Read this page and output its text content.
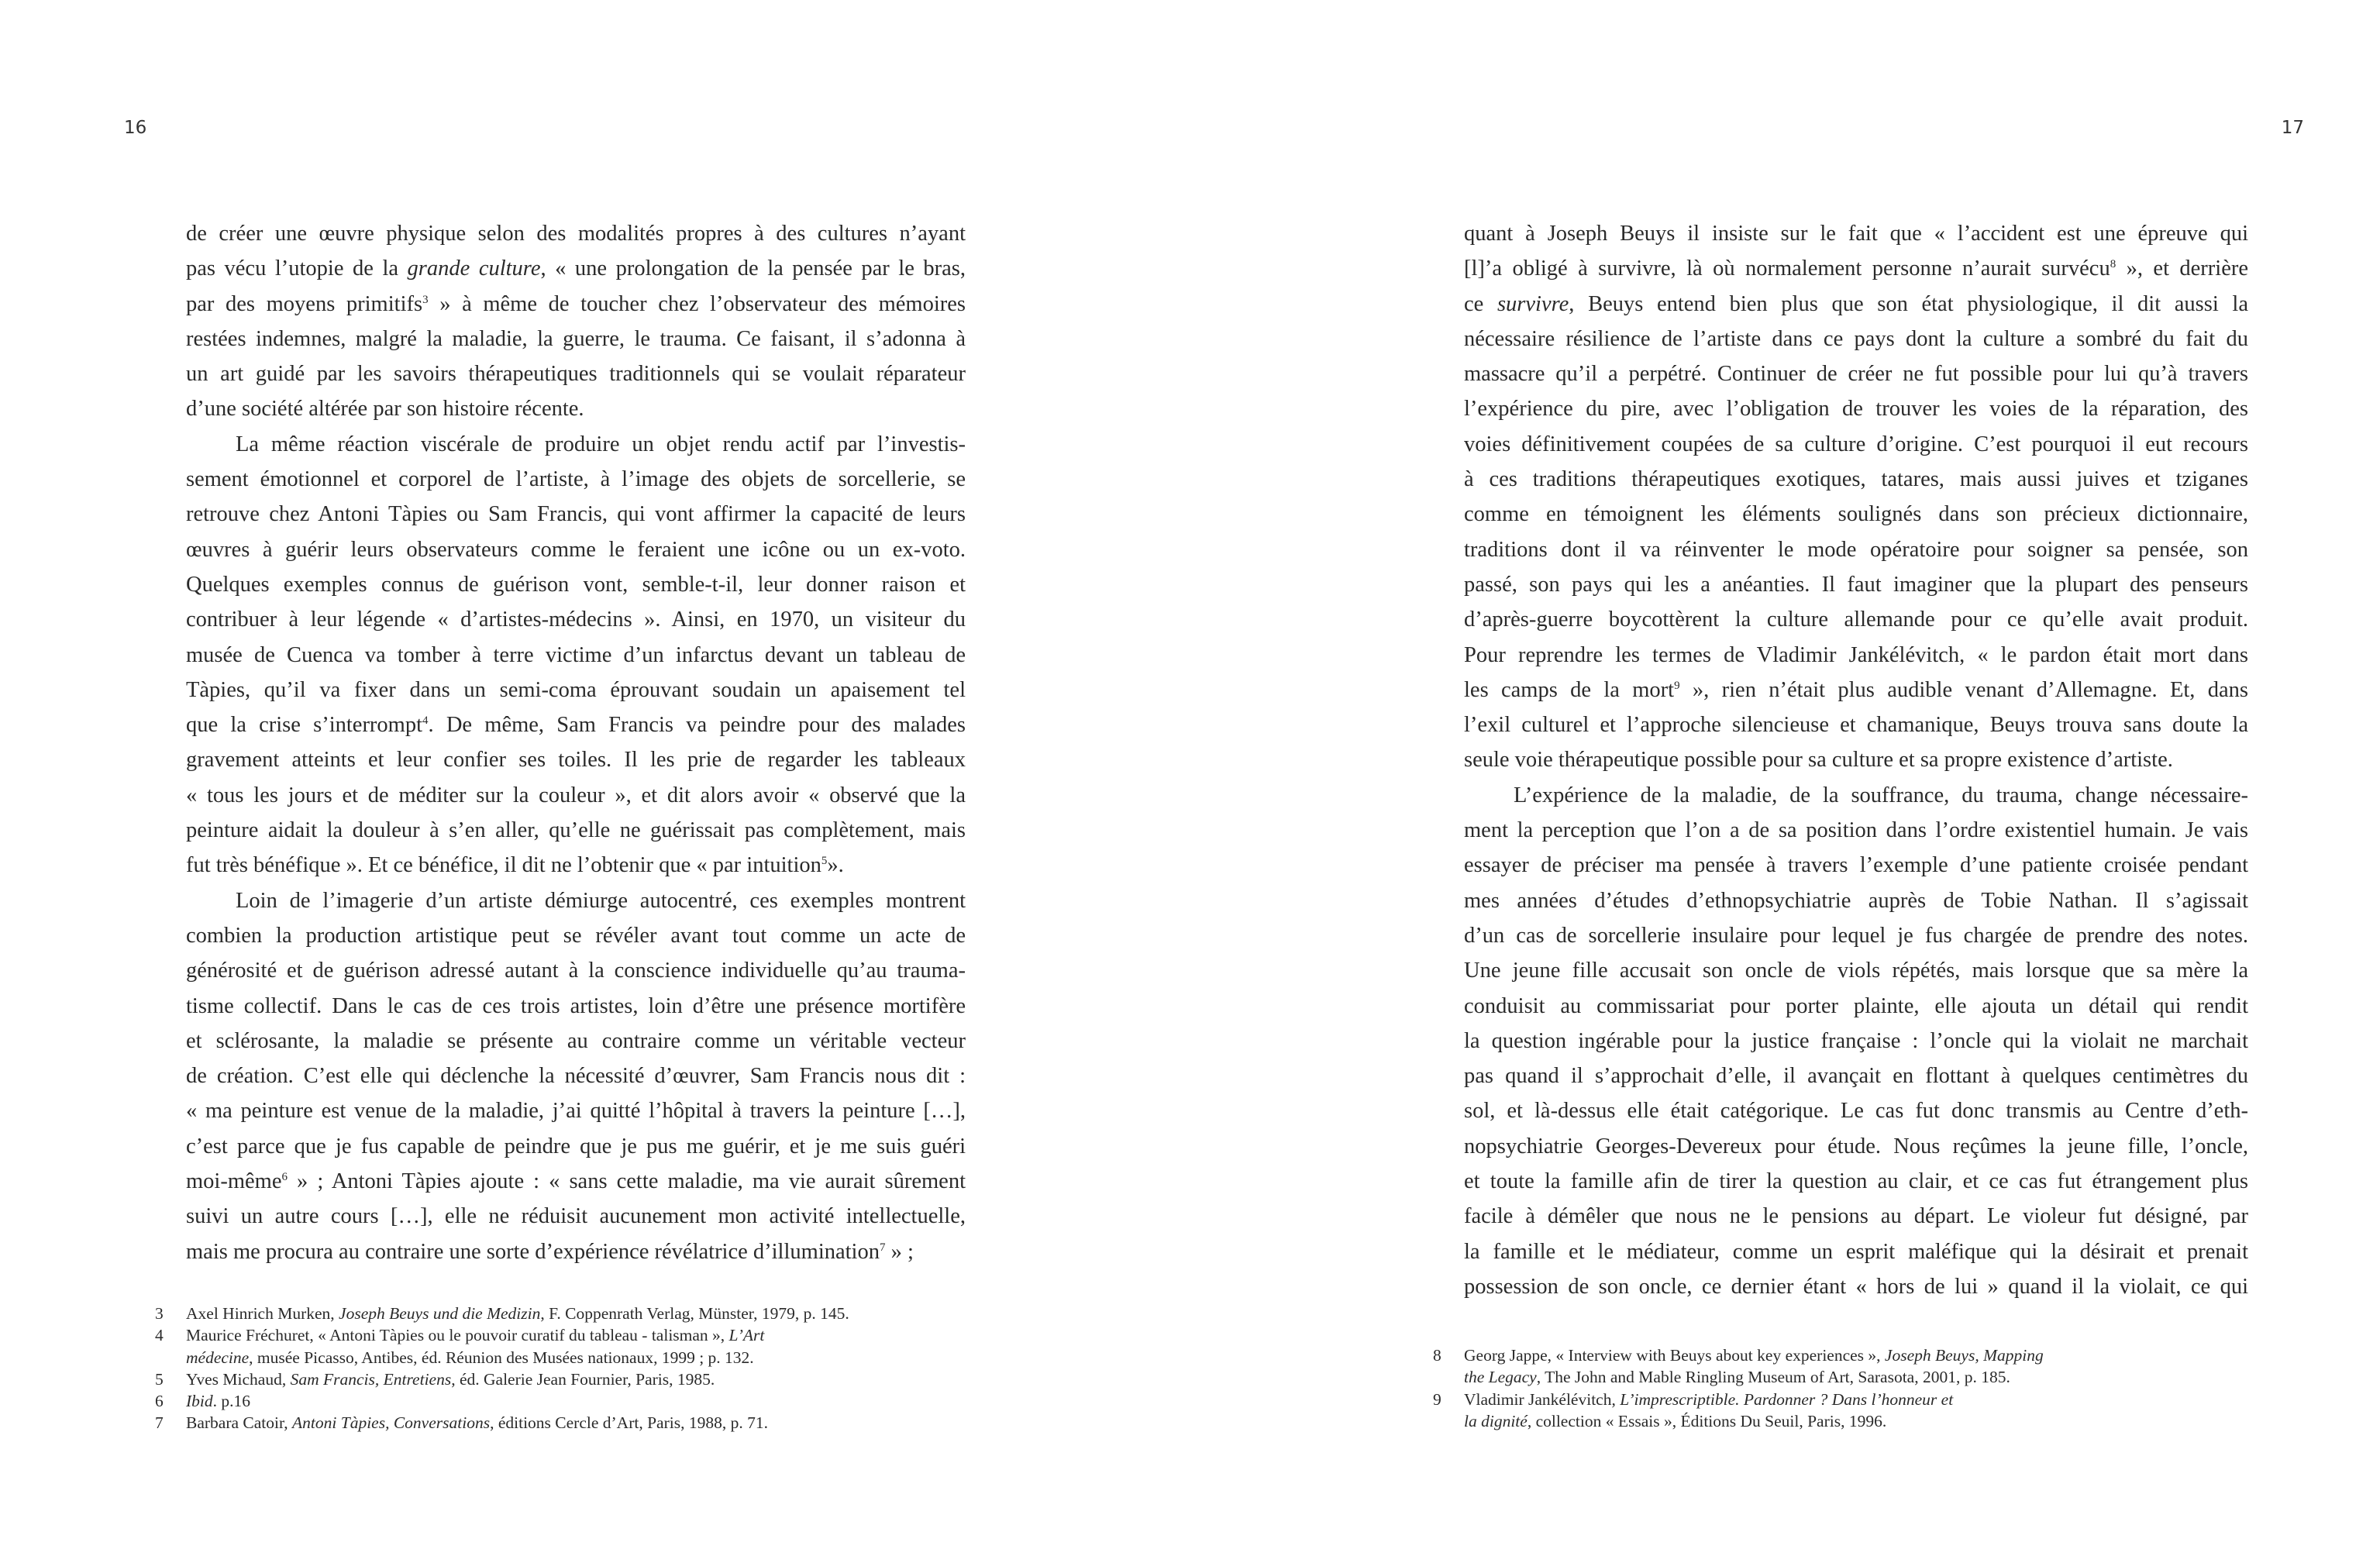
16
de créer une œuvre physique selon des modalités propres à des cultures n’ayant
pas vécu l’utopie de la grande culture, « une prolongation de la pensée par le bras,
par des moyens primitifs$^3$ » à même de toucher chez l’observateur des mémoires
restées indemnes, malgré la maladie, la guerre, le trauma. Ce faisant, il s’adonna à
un art guidé par les savoirs thérapeutiques traditionnels qui se voulait réparateur
d’une société altérée par son histoire récente.
La même réaction viscérale de produire un objet rendu actif par l’investis-
sement émotionnel et corporel de l’artiste, à l’image des objets de sorcellerie, se
retrouve chez Antoni Tàpies ou Sam Francis, qui vont affirmer la capacité de leurs
œuvres à guérir leurs observateurs comme le feraient une icône ou un ex-voto.
Quelques exemples connus de guérison vont, semble-t-il, leur donner raison et
contribuer à leur légende « d’artistes-médecins ». Ainsi, en 1970, un visiteur du
musée de Cuenca va tomber à terre victime d’un infarctus devant un tableau de
Tàpies, qu’il va fixer dans un semi-coma éprouvant soudain un apaisement tel
que la crise s’interrompt$^4$. De même, Sam Francis va peindre pour des malades
gravement atteints et leur confier ses toiles. Il les prie de regarder les tableaux
« tous les jours et de méditer sur la couleur », et dit alors avoir « observé que la
peinture aidait la douleur à s’en aller, qu’elle ne guérissait pas complètement, mais
fut très bénéfique ». Et ce bénéfice, il dit ne l’obtenir que « par intuition$^5$».
Loin de l’imagerie d’un artiste démiurge autocentré, ces exemples montrent
combien la production artistique peut se révéler avant tout comme un acte de
générosité et de guérison adressé autant à la conscience individuelle qu’au trauma-
tisme collectif. Dans le cas de ces trois artistes, loin d’être une présence mortifère
et sclérosante, la maladie se présente au contraire comme un véritable vecteur
de création. C’est elle qui déclenche la nécessité d’œuvrer, Sam Francis nous dit :
« ma peinture est venue de la maladie, j’ai quitté l’hôpital à travers la peinture […],
c’est parce que je fus capable de peindre que je pus me guérir, et je me suis guéri
moi-même$^6$ » ; Antoni Tàpies ajoute : « sans cette maladie, ma vie aurait sûrement
suivi un autre cours […], elle ne réduisit aucunement mon activité intellectuelle,
mais me procura au contraire une sorte d’expérience révélatrice d’illumination$^7$ » ;
3	Axel Hinrich Murken, Joseph Beuys und die Medizin, F. Coppenrath Verlag, Münster, 1979, p. 145.
4	Maurice Fréchuret, « Antoni Tàpies ou le pouvoir curatif du tableau - talisman », L’Art
médecine, musée Picasso, Antibes, éd. Réunion des Musées nationaux, 1999 ; p. 132.
5	Yves Michaud, Sam Francis, Entretiens, éd. Galerie Jean Fournier, Paris, 1985.
6	Ibid. p.16
7	Barbara Catoir, Antoni Tàpies, Conversations, éditions Cercle d’Art, Paris, 1988, p. 71.
17
quant à Joseph Beuys il insiste sur le fait que « l’accident est une épreuve qui
[l]’a obligé à survivre, là où normalement personne n’aurait survécu$^8$ », et derrière
ce survivre, Beuys entend bien plus que son état physiologique, il dit aussi la
nécessaire résilience de l’artiste dans ce pays dont la culture a sombré du fait du
massacre qu’il a perpétré. Continuer de créer ne fut possible pour lui qu’à travers
l’expérience du pire, avec l’obligation de trouver les voies de la réparation, des
voies définitivement coupées de sa culture d’origine. C’est pourquoi il eut recours
à ces traditions thérapeutiques exotiques, tatares, mais aussi juives et tziganes
comme en témoignent les éléments soulignés dans son précieux dictionnaire,
traditions dont il va réinventer le mode opératoire pour soigner sa pensée, son
passé, son pays qui les a anéanties. Il faut imaginer que la plupart des penseurs
d’après-guerre boycottèrent la culture allemande pour ce qu’elle avait produit.
Pour reprendre les termes de Vladimir Jankélévitch, « le pardon était mort dans
les camps de la mort$^9$ », rien n’était plus audible venant d’Allemagne. Et, dans
l’exil culturel et l’approche silencieuse et chamanique, Beuys trouva sans doute la
seule voie thérapeutique possible pour sa culture et sa propre existence d’artiste.
L’expérience de la maladie, de la souffrance, du trauma, change nécessaire-
ment la perception que l’on a de sa position dans l’ordre existentiel humain. Je vais
essayer de préciser ma pensée à travers l’exemple d’une patiente croisée pendant
mes années d’études d’ethnopsychiatrie auprès de Tobie Nathan. Il s’agissait
d’un cas de sorcellerie insulaire pour lequel je fus chargée de prendre des notes.
Une jeune fille accusait son oncle de viols répétés, mais lorsque que sa mère la
conduisit au commissariat pour porter plainte, elle ajouta un détail qui rendit
la question ingérable pour la justice française : l’oncle qui la violait ne marchait
pas quand il s’approchait d’elle, il avançait en flottant à quelques centimètres du
sol, et là-dessus elle était catégorique. Le cas fut donc transmis au Centre d’eth-
nopsychiatrie Georges-Devereux pour étude. Nous reçûmes la jeune fille, l’oncle,
et toute la famille afin de tirer la question au clair, et ce cas fut étrangement plus
facile à démêler que nous ne le pensions au départ. Le violeur fut désigné, par
la famille et le médiateur, comme un esprit maléfique qui la désirait et prenait
possession de son oncle, ce dernier étant « hors de lui » quand il la violait, ce qui
8	Georg Jappe, « Interview with Beuys about key experiences », Joseph Beuys, Mapping
the Legacy, The John and Mable Ringling Museum of Art, Sarasota, 2001, p. 185.
9	Vladimir Jankélévitch, L’imprescriptible. Pardonner ? Dans l’honneur et
la dignité, collection « Essais », Éditions Du Seuil, Paris, 1996.
